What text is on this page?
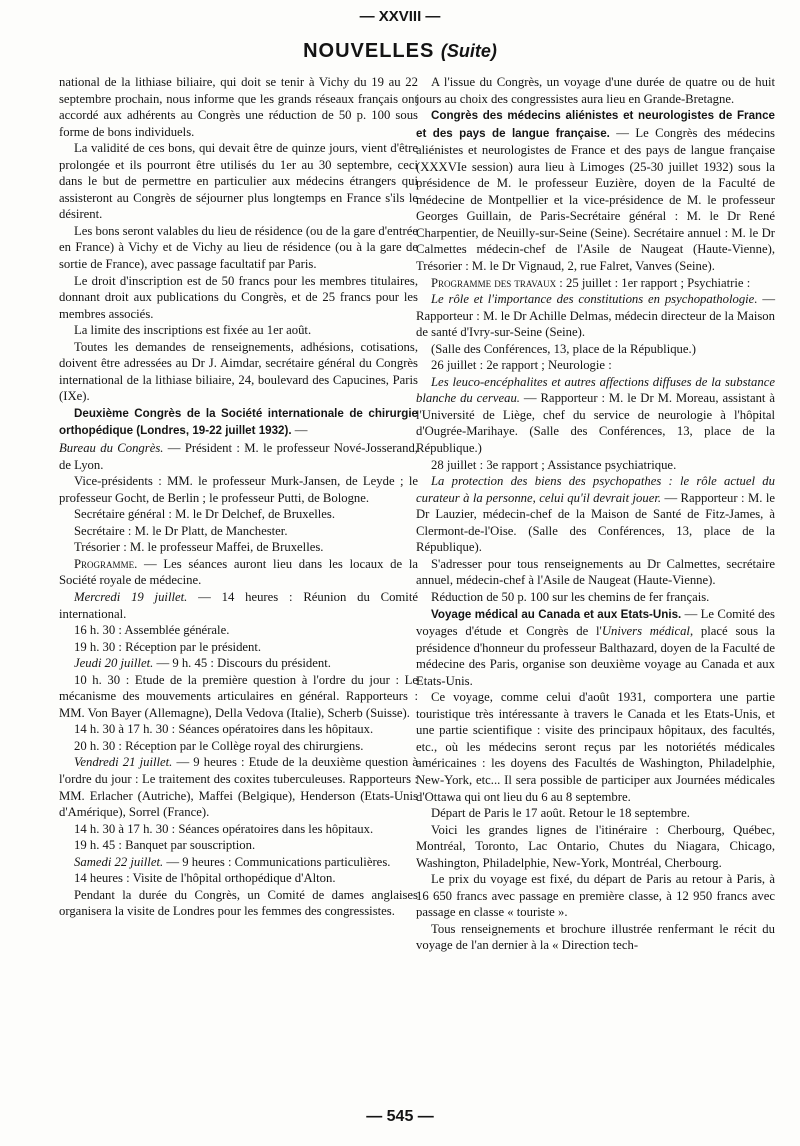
— XXVIII —
NOUVELLES (Suite)

national de la lithiase biliaire, qui doit se tenir à Vichy du 19 au 22 septembre prochain, nous informe que les grands réseaux français ont accordé aux adhérents au Congrès une réduction de 50 p. 100 sous forme de bons individuels.

La validité de ces bons, qui devait être de quinze jours, vient d'être prolongée et ils pourront être utilisés du 1er au 30 septembre, ceci dans le but de permettre en particulier aux médecins étrangers qui assisteront au Congrès de séjourner plus longtemps en France s'ils le désirent.

Les bons seront valables du lieu de résidence (ou de la gare d'entrée en France) à Vichy et de Vichy au lieu de résidence (ou à la gare de sortie de France), avec passage facultatif par Paris.

Le droit d'inscription est de 50 francs pour les membres titulaires, donnant droit aux publications du Congrès, et de 25 francs pour les membres associés.

La limite des inscriptions est fixée au 1er août.

Toutes les demandes de renseignements, adhésions, cotisations, doivent être adressées au Dr J. Aimdar, secrétaire général du Congrès international de la lithiase biliaire, 24, boulevard des Capucines, Paris (IXe).

Deuxième Congrès de la Société internationale de chirurgie orthopédique (Londres, 19-22 juillet 1932). —

Bureau du Congrès. — Président : M. le professeur Nové-Josserand, de Lyon.

Vice-présidents : MM. le professeur Murk-Jansen, de Leyde ; le professeur Gocht, de Berlin ; le professeur Putti, de Bologne.

Secrétaire général : M. le Dr Delchef, de Bruxelles.

Secrétaire : M. le Dr Platt, de Manchester.

Trésorier : M. le professeur Maffei, de Bruxelles.

Programme. — Les séances auront lieu dans les locaux de la Société royale de médecine.

Mercredi 19 juillet. — 14 heures : Réunion du Comité international.

16 h. 30 : Assemblée générale.

19 h. 30 : Réception par le président.

Jeudi 20 juillet. — 9 h. 45 : Discours du président.

10 h. 30 : Etude de la première question à l'ordre du jour : Le mécanisme des mouvements articulaires en général. Rapporteurs : MM. Von Bayer (Allemagne), Della Vedova (Italie), Scherb (Suisse).

14 h. 30 à 17 h. 30 : Séances opératoires dans les hôpitaux.

20 h. 30 : Réception par le Collège royal des chirurgiens.

Vendredi 21 juillet. — 9 heures : Etude de la deuxième question à l'ordre du jour : Le traitement des coxites tuberculeuses. Rapporteurs : MM. Erlacher (Autriche), Maffei (Belgique), Henderson (Etats-Unis d'Amérique), Sorrel (France).

14 h. 30 à 17 h. 30 : Séances opératoires dans les hôpitaux.

19 h. 45 : Banquet par souscription.

Samedi 22 juillet. — 9 heures : Communications particulières.

14 heures : Visite de l'hôpital orthopédique d'Alton.

Pendant la durée du Congrès, un Comité de dames anglaises organisera la visite de Londres pour les femmes des congressistes.

A l'issue du Congrès, un voyage d'une durée de quatre ou de huit jours au choix des congressistes aura lieu en Grande-Bretagne.

Congrès des médecins aliénistes et neurologistes de France et des pays de langue française. — Le Congrès des médecins aliénistes et neurologistes de France et des pays de langue française (XXXVIe session) aura lieu à Limoges (25-30 juillet 1932) sous la présidence de M. le professeur Euzière, doyen de la Faculté de médecine de Montpellier et la vice-présidence de M. le professeur Georges Guillain, de Paris-Secrétaire général : M. le Dr René Charpentier, de Neuilly-sur-Seine (Seine). Secrétaire annuel : M. le Dr Calmettes médecin-chef de l'Asile de Naugeat (Haute-Vienne), Trésorier : M. le Dr Vignaud, 2, rue Falret, Vanves (Seine).

Programme des travaux : 25 juillet : 1er rapport ; Psychiatrie :

Le rôle et l'importance des constitutions en psychopathologie. — Rapporteur : M. le Dr Achille Delmas, médecin directeur de la Maison de santé d'Ivry-sur-Seine (Seine).

(Salle des Conférences, 13, place de la République.)

26 juillet : 2e rapport ; Neurologie :

Les leuco-encéphalites et autres affections diffuses de la substance blanche du cerveau. — Rapporteur : M. le Dr M. Moreau, assistant à l'Université de Liège, chef du service de neurologie à l'hôpital d'Ougrée-Marihaye. (Salle des Conférences, 13, place de la République.)

28 juillet : 3e rapport ; Assistance psychiatrique.

La protection des biens des psychopathes : le rôle actuel du curateur à la personne, celui qu'il devrait jouer. — Rapporteur : M. le Dr Lauzier, médecin-chef de la Maison de Santé de Fitz-James, à Clermont-de-l'Oise. (Salle des Conférences, 13, place de la République).

S'adresser pour tous renseignements au Dr Calmettes, secrétaire annuel, médecin-chef à l'Asile de Naugeat (Haute-Vienne).

Réduction de 50 p. 100 sur les chemins de fer français.

Voyage médical au Canada et aux Etats-Unis. — Le Comité des voyages d'étude et Congrès de l'Univers médical, placé sous la présidence d'honneur du professeur Balthazard, doyen de la Faculté de médecine des Paris, organise son deuxième voyage au Canada et aux Etats-Unis.

Ce voyage, comme celui d'août 1931, comportera une partie touristique très intéressante à travers le Canada et les Etats-Unis, et une partie scientifique : visite des principaux hôpitaux, des facultés, etc., où les médecins seront reçus par les notoriétés médicales américaines : les doyens des Facultés de Washington, Philadelphie, New-York, etc... Il sera possible de participer aux Journées médicales d'Ottawa qui ont lieu du 6 au 8 septembre.

Départ de Paris le 17 août. Retour le 18 septembre.

Voici les grandes lignes de l'itinéraire : Cherbourg, Québec, Montréal, Toronto, Lac Ontario, Chutes du Niagara, Chicago, Washington, Philadelphie, New-York, Montréal, Cherbourg.

Le prix du voyage est fixé, du départ de Paris au retour à Paris, à 16 650 francs avec passage en première classe, à 12 950 francs avec passage en classe « touriste ».

Tous renseignements et brochure illustrée renfermant le récit du voyage de l'an dernier à la « Direction tech-

— 545 —
